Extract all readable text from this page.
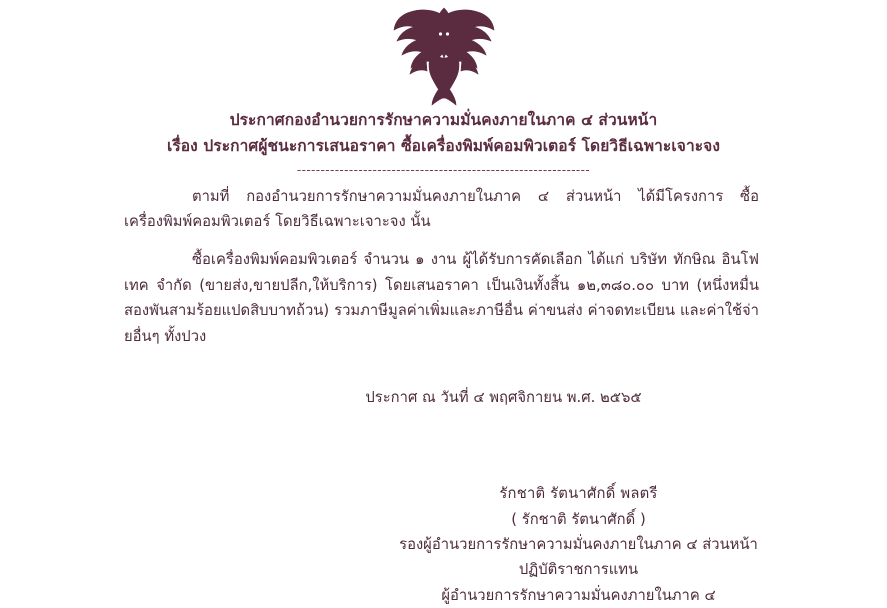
ประกาศกองอำนวยการรักษาความมั่นคงภายในภาค ๔ ส่วนหน้า
เรื่อง ประกาศผู้ชนะการเสนอราคา ซื้อเครื่องพิมพ์คอมพิวเตอร์ โดยวิธีเฉพาะเจาะจง
--------------------------------------------------------------

ตามที่ กองอำนวยการรักษาความมั่นคงภายในภาค ๔ ส่วนหน้า ได้มีโครงการ ซื้อเครื่องพิมพ์คอมพิวเตอร์ โดยวิธีเฉพาะเจาะจง นั้น

ซื้อเครื่องพิมพ์คอมพิวเตอร์ จำนวน ๑ งาน ผู้ได้รับการคัดเลือก ได้แก่ บริษัท ทักษิณ อินโฟเทค จำกัด (ขายส่ง,ขายปลีก,ให้บริการ) โดยเสนอราคา เป็นเงินทั้งสิ้น ๑๒,๓๘๐.๐๐ บาท (หนึ่งหมื่นสองพันสามร้อยแปดสิบบาทถ้วน) รวมภาษีมูลค่าเพิ่มและภาษีอื่น ค่าขนส่ง ค่าจดทะเบียน และค่าใช้จ่ายอื่นๆ ทั้งปวง

ประกาศ ณ วันที่ ๔ พฤศจิกายน พ.ศ. ๒๕๖๕
รักชาติ รัตนาศักดิ์ พลตรี
( รักชาติ รัตนาศักดิ์ )
รองผู้อำนวยการรักษาความมั่นคงภายในภาค ๔ ส่วนหน้า
ปฏิบัติราชการแทน
ผู้อำนวยการรักษาความมั่นคงภายในภาค ๔
